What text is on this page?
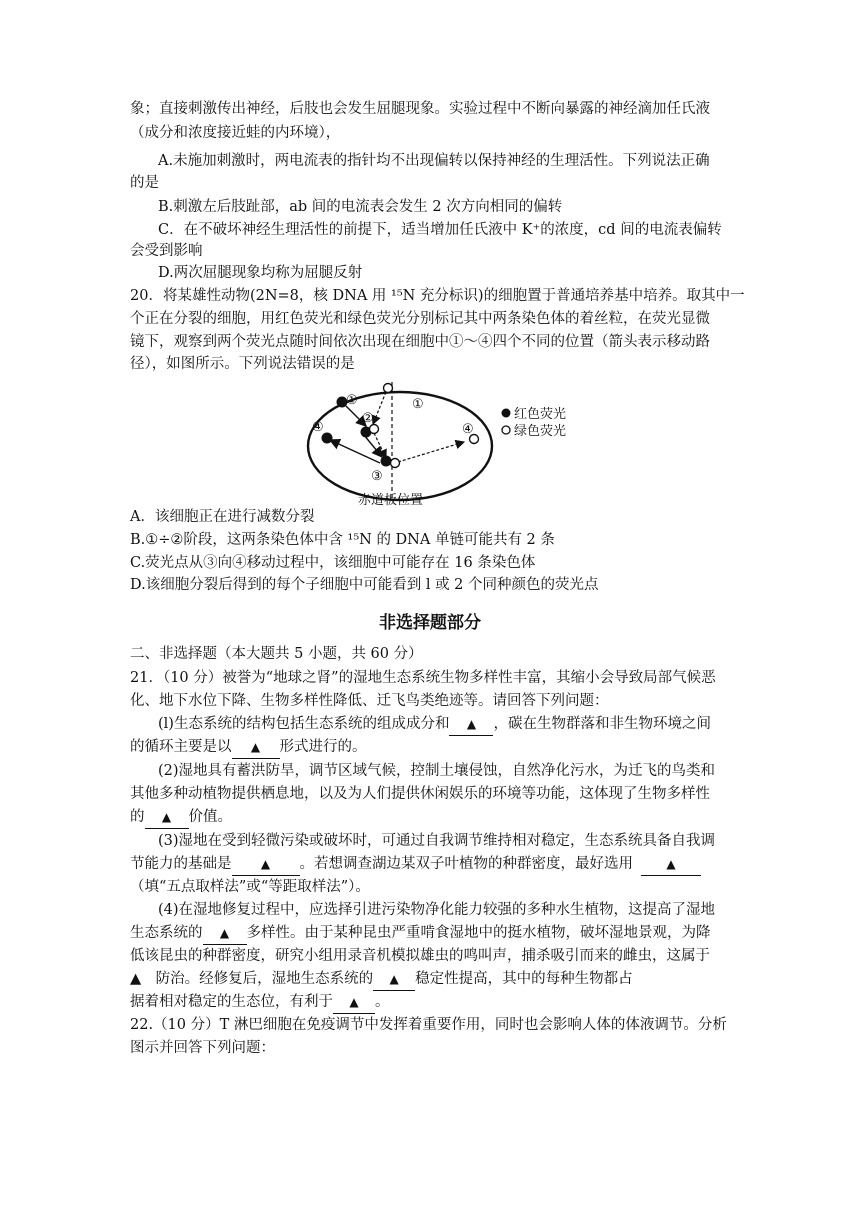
象；直接刺激传出神经，后肢也会发生屈腿现象。实验过程中不断向暴露的神经滴加任氏液
（成分和浓度接近蛙的内环境），
A.未施加刺激时，两电流表的指针均不出现偏转以保持神经的生理活性。下列说法正确
的是
B.刺激左后肢趾部，ab 间的电流表会发生 2 次方向相同的偏转
C．在不破坏神经生理活性的前提下，适当增加任氏液中 K⁺的浓度，cd 间的电流表偏转
会受到影响
D.两次屈腿现象均称为屈腿反射
20．将某雄性动物(2N=8，核 DNA 用 ¹⁵N 充分标识)的细胞置于普通培养基中培养。取其中一
个正在分裂的细胞，用红色荧光和绿色荧光分别标记其中两条染色体的着丝粒，在荧光显微
镜下，观察到两个荧光点随时间依次出现在细胞中①～④四个不同的位置（箭头表示移动路
径），如图所示。下列说法错误的是
①	①
②
④	④
③
红色荧光
绿色荧光
赤道板位置
A．该细胞正在进行减数分裂
B.①÷②阶段，这两条染色体中含 ¹⁵N 的 DNA 单链可能共有 2 条
C.荧光点从③向④移动过程中，该细胞中可能存在 16 条染色体
D.该细胞分裂后得到的每个子细胞中可能看到 l 或 2 个同种颜色的荧光点
非选择题部分
二、非选择题（本大题共 5 小题，共 60 分）
21．（10 分）被誉为“地球之肾”的湿地生态系统生物多样性丰富，其缩小会导致局部气候恶
化、地下水位下降、生物多样性降低、迁飞鸟类绝迹等。请回答下列问题：
(l)生态系统的结构包括生态系统的组成成分和 ▲ ，碳在生物群落和非生物环境之间
的循环主要是以 ▲ 形式进行的。
(2)湿地具有蓄洪防旱，调节区域气候，控制土壤侵蚀，自然净化污水，为迁飞的鸟类和
其他多种动植物提供栖息地，以及为人们提供休闲娱乐的环境等功能，这体现了生物多样性
的 ▲ 价值。
(3)湿地在受到轻微污染或破坏时，可通过自我调节维持相对稳定，生态系统具备自我调
节能力的基础是 ▲ 。若想调查湖边某双子叶植物的种群密度，最好选用	▲
（填“五点取样法”或“等距取样法”）。
(4)在湿地修复过程中，应选择引进污染物净化能力较强的多种水生植物，这提高了湿地
生态系统的 ▲ 多样性。由于某种昆虫严重啃食湿地中的挺水植物，破坏湿地景观，为降
低该昆虫的种群密度，研究小组用录音机模拟雄虫的鸣叫声，捕杀吸引而来的雌虫，这属于
▲　防治。经修复后，湿地生态系统的 ▲ 稳定性提高，其中的每种生物都占
据着相对稳定的生态位，有利于 ▲ 。
22.（10 分）T 淋巴细胞在免疫调节中发挥着重要作用，同时也会影响人体的体液调节。分析
图示并回答下列问题：
